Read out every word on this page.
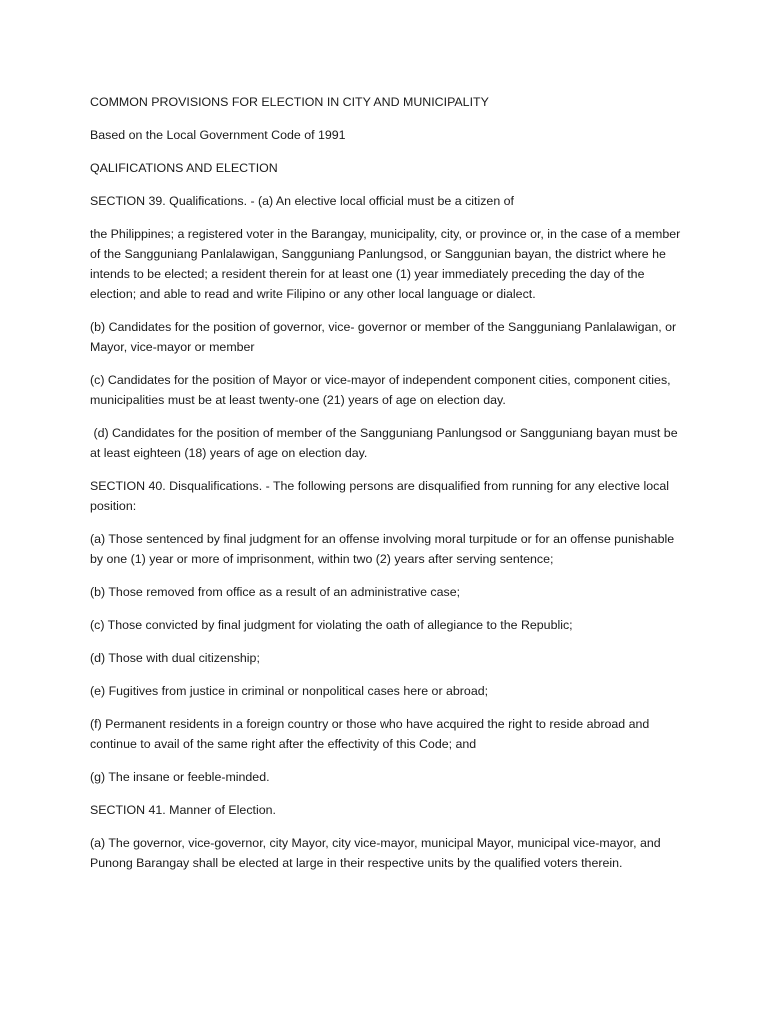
COMMON PROVISIONS FOR ELECTION IN CITY AND MUNICIPALITY

Based on the Local Government Code of 1991

QALIFICATIONS AND ELECTION

SECTION 39. Qualifications. - (a) An elective local official must be a citizen of

the Philippines; a registered voter in the Barangay, municipality, city, or province or, in the case of a member of the Sangguniang Panlalawigan, Sangguniang Panlungsod, or Sanggunian bayan, the district where he intends to be elected; a resident therein for at least one (1) year immediately preceding the day of the election; and able to read and write Filipino or any other local language or dialect.

(b) Candidates for the position of governor, vice- governor or member of the Sangguniang Panlalawigan, or Mayor, vice-mayor or member

(c) Candidates for the position of Mayor or vice-mayor of independent component cities, component cities, municipalities must be at least twenty-one (21) years of age on election day.

(d) Candidates for the position of member of the Sangguniang Panlungsod or Sangguniang bayan must be at least eighteen (18) years of age on election day.

SECTION 40. Disqualifications. - The following persons are disqualified from running for any elective local position:

(a) Those sentenced by final judgment for an offense involving moral turpitude or for an offense punishable by one (1) year or more of imprisonment, within two (2) years after serving sentence;

(b) Those removed from office as a result of an administrative case;

(c) Those convicted by final judgment for violating the oath of allegiance to the Republic;

(d) Those with dual citizenship;

(e) Fugitives from justice in criminal or nonpolitical cases here or abroad;

(f) Permanent residents in a foreign country or those who have acquired the right to reside abroad and continue to avail of the same right after the effectivity of this Code; and

(g) The insane or feeble-minded.

SECTION 41. Manner of Election.

(a) The governor, vice-governor, city Mayor, city vice-mayor, municipal Mayor, municipal vice-mayor, and Punong Barangay shall be elected at large in their respective units by the qualified voters therein.
